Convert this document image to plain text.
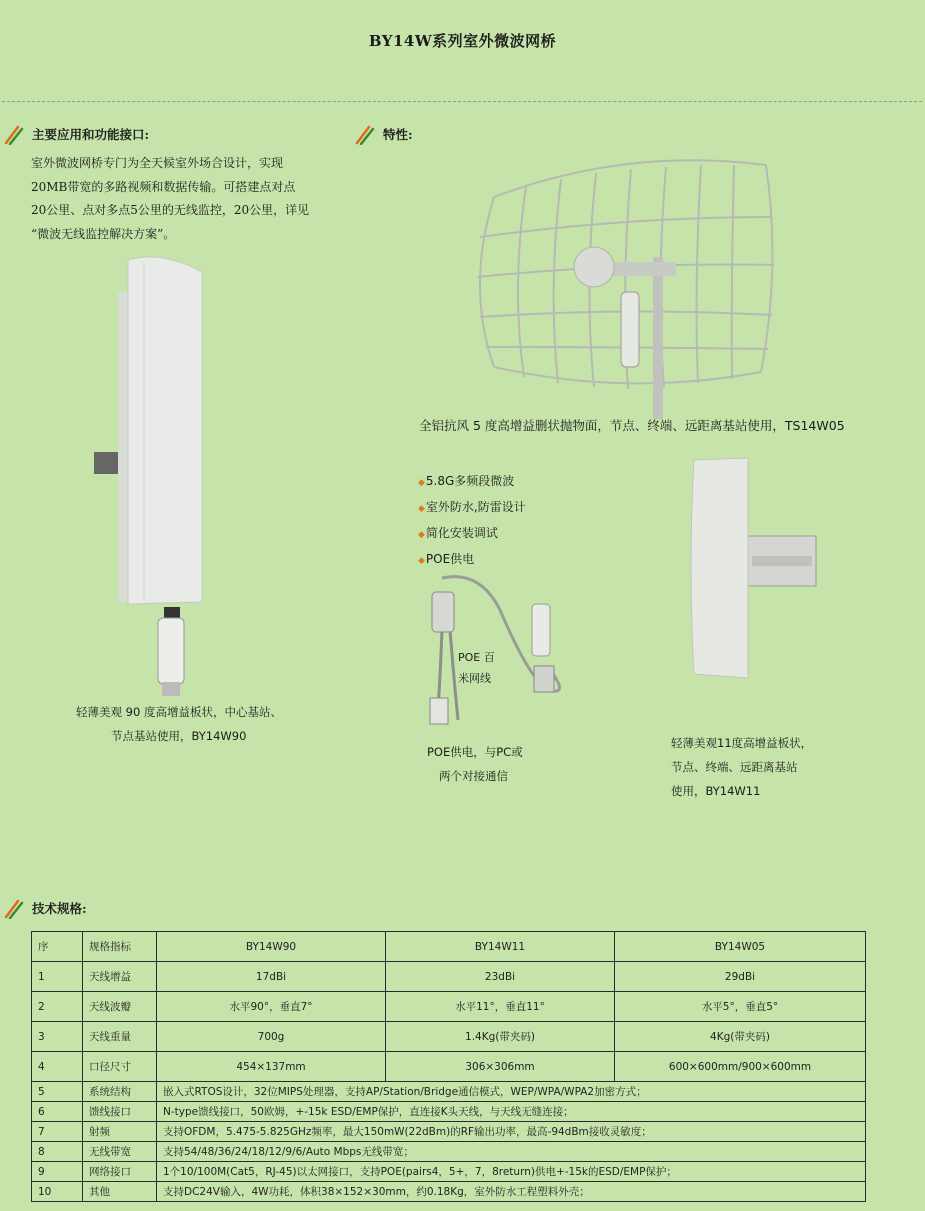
BY14W系列室外微波网桥
主要应用和功能接口:
室外微波网桥专门为全天候室外场合设计，实现
20MB带宽的多路视频和数据传输。可搭建点对点
20公里、点对多点5公里的无线监控，20公里，详见
“微波无线监控解决方案”。
特性:
轻薄美观 90 度高增益板状，中心基站、
节点基站使用，BY14W90
全铝抗风 5 度高增益删状抛物面，节点、终端、远距离基站使用，TS14W05
◆5.8G多频段微波
◆室外防水,防雷设计
◆简化安装调试
◆POE供电
POE 百
米网线
POE供电，与PC或
两个对接通信
轻薄美观11度高增益板状，
节点、终端、远距离基站
使用，BY14W11
技术规格:
序	规格指标	BY14W90	BY14W11	BY14W05
1	天线增益	17dBi	23dBi	29dBi
2	天线波瓣	水平90°，垂直7°	水平11°，垂直11°	水平5°，垂直5°
3	天线重量	700g	1.4Kg(带夹码)	4Kg(带夹码)
4	口径尺寸	454×137mm	306×306mm	600×600mm/900×600mm
5	系统结构	嵌入式RTOS设计，32位MIPS处理器，支持AP/Station/Bridge通信模式，WEP/WPA/WPA2加密方式；		
6	馈线接口	N-type馈线接口，50欧姆，+-15k ESD/EMP保护，直连接K头天线，与天线无缝连接；		
7	射频	支持OFDM，5.475-5.825GHz频率，最大150mW(22dBm)的RF输出功率，最高-94dBm接收灵敏度；		
8	无线带宽	支持54/48/36/24/18/12/9/6/Auto Mbps无线带宽；		
9	网络接口	1个10/100M(Cat5，RJ-45)以太网接口，支持POE(pairs4，5+，7，8return)供电+-15k的ESD/EMP保护；		
10	其他	支持DC24V输入，4W功耗，体积38×152×30mm，约0.18Kg，室外防水工程塑料外壳；		
